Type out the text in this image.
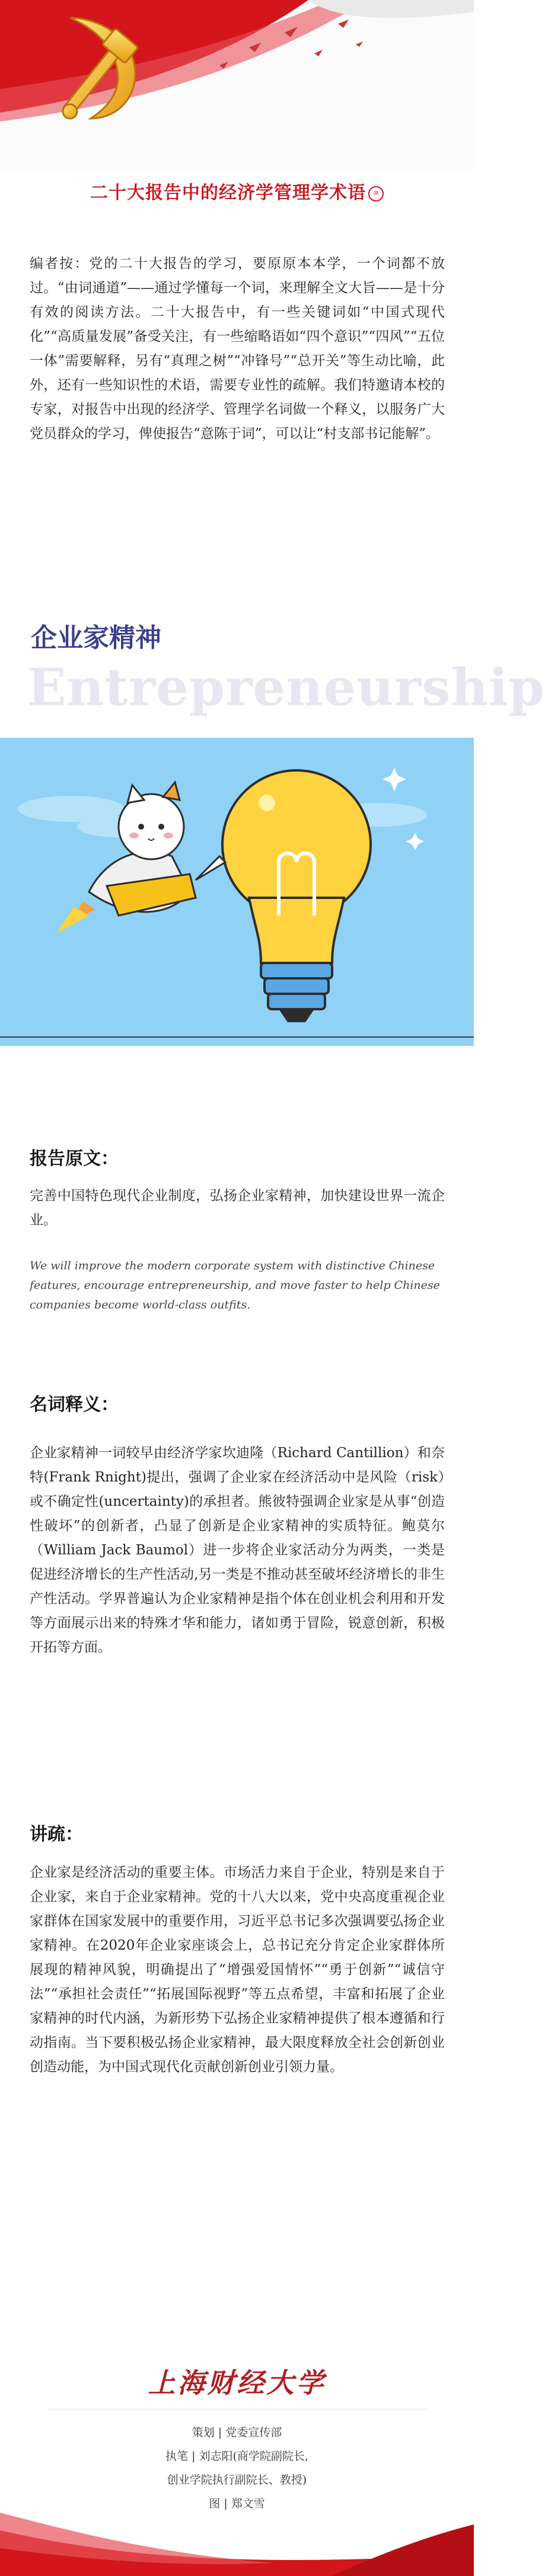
二十大报告中的经济学管理学术语 ⑩

编者按：党的二十大报告的学习，要原原本本学，一个词都不放过。“由词通道”——通过学懂每一个词，来理解全文大旨——是十分有效的阅读方法。二十大报告中，有一些关键词如“中国式现代化”“高质量发展”备受关注，有一些缩略语如“四个意识”“四风”“五位一体”需要解释，另有“真理之树”“冲锋号”“总开关”等生动比喻，此外，还有一些知识性的术语，需要专业性的疏解。我们特邀请本校的专家，对报告中出现的经济学、管理学名词做一个释义，以服务广大党员群众的学习，俾使报告“意陈于词”，可以让“村支部书记能解”。

企业家精神
Entrepreneurship
报告原文：

完善中国特色现代企业制度，弘扬企业家精神，加快建设世界一流企业。

We will improve the modern corporate system with distinctive Chinese features, encourage entrepreneurship, and move faster to help Chinese companies become world-class outfits.

名词释义：

企业家精神一词较早由经济学家坎迪隆（Richard Cantillion）和奈特(Frank Rnight)提出，强调了企业家在经济活动中是风险（risk）或不确定性(uncertainty)的承担者。熊彼特强调企业家是从事“创造性破坏”的创新者，凸显了创新是企业家精神的实质特征。鲍莫尔（William Jack Baumol）进一步将企业家活动分为两类，一类是促进经济增长的生产性活动,另一类是不推动甚至破坏经济增长的非生产性活动。学界普遍认为企业家精神是指个体在创业机会利用和开发等方面展示出来的特殊才华和能力，诸如勇于冒险，锐意创新，积极开拓等方面。

讲疏：

企业家是经济活动的重要主体。市场活力来自于企业，特别是来自于企业家，来自于企业家精神。党的十八大以来，党中央高度重视企业家群体在国家发展中的重要作用，习近平总书记多次强调要弘扬企业家精神。在2020年企业家座谈会上，总书记充分肯定企业家群体所展现的精神风貌，明确提出了“增强爱国情怀”“勇于创新”“诚信守法”“承担社会责任”“拓展国际视野”等五点希望，丰富和拓展了企业家精神的时代内涵，为新形势下弘扬企业家精神提供了根本遵循和行动指南。当下要积极弘扬企业家精神，最大限度释放全社会创新创业创造动能，为中国式现代化贡献创新创业引领力量。

上海财经大学
策划 | 党委宣传部
执笔 | 刘志阳(商学院副院长,
创业学院执行副院长、教授)
图 | 郑文雪
